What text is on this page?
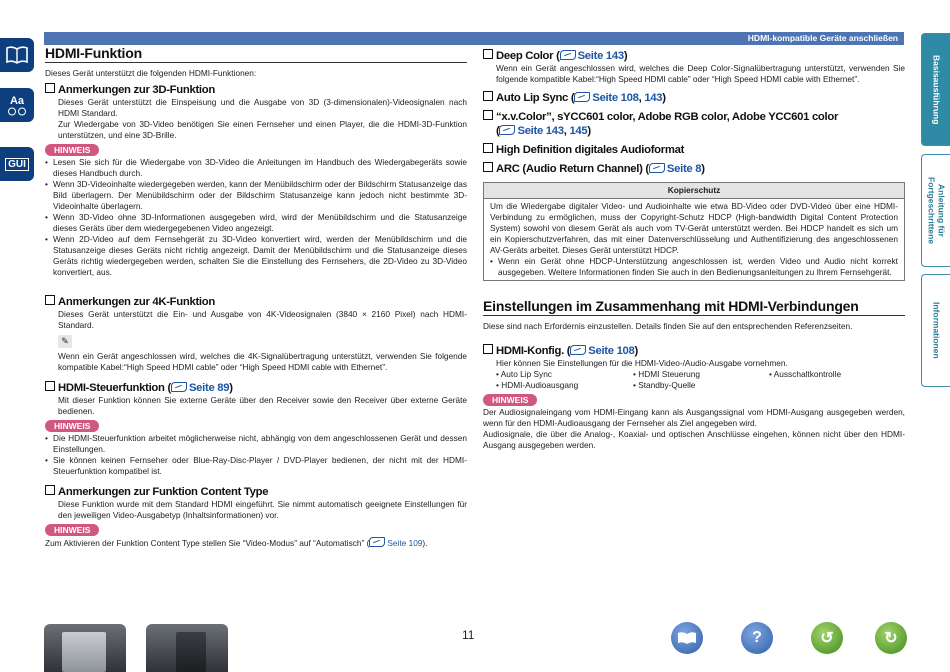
HDMI-kompatible Geräte anschließen
Aa
GUI
Basisausführung
Anleitung für Fortgeschrittene
Informationen
HDMI-Funktion
Dieses Gerät unterstützt die folgenden HDMI-Funktionen:
Anmerkungen zur 3D-Funktion
Dieses Gerät unterstützt die Einspeisung und die Ausgabe von 3D (3-dimensionalen)-Videosignalen nach HDMI Standard.
Zur Wiedergabe von 3D-Video benötigen Sie einen Fernseher und einen Player, die die HDMI-3D-Funktion unterstützen, und eine 3D-Brille.
HINWEIS
• Lesen Sie sich für die Wiedergabe von 3D-Video die Anleitungen im Handbuch des Wiedergabegeräts sowie dieses Handbuch durch.
• Wenn 3D-Videoinhalte wiedergegeben werden, kann der Menübildschirm oder der Bildschirm Statusanzeige das Bild überlagern. Der Menübildschirm oder der Bildschirm Statusanzeige kann jedoch nicht bestimmte 3D-Videoinhalte überlagern.
• Wenn 3D-Video ohne 3D-Informationen ausgegeben wird, wird der Menübildschirm und die Statusanzeige dieses Geräts über dem wiedergegebenen Video angezeigt.
• Wenn 2D-Video auf dem Fernsehgerät zu 3D-Video konvertiert wird, werden der Menübildschirm und die Statusanzeige dieses Geräts nicht richtig angezeigt. Damit der Menübildschirm und die Statusanzeige dieses Geräts richtig wiedergegeben werden, schalten Sie die Einstellung des Fernsehers, die 2D-Video zu 3D-Video konvertiert, aus.
Anmerkungen zur 4K-Funktion
Dieses Gerät unterstützt die Ein- und Ausgabe von 4K-Videosignalen (3840 × 2160 Pixel) nach HDMI-Standard.
✎
Wenn ein Gerät angeschlossen wird, welches die 4K-Signalübertragung unterstützt, verwenden Sie folgende kompatible Kabel:“High Speed HDMI cable” oder “High Speed HDMI cable with Ethernet”.
HDMI-Steuerfunktion ( Seite 89)
Mit dieser Funktion können Sie externe Geräte über den Receiver sowie den Receiver über externe Geräte bedienen.
HINWEIS
• Die HDMI-Steuerfunktion arbeitet möglicherweise nicht, abhängig von dem angeschlossenen Gerät und dessen Einstellungen.
• Sie können keinen Fernseher oder Blue-Ray-Disc-Player / DVD-Player bedienen, der nicht mit der HDMI-Steuerfunktion kompatibel ist.
Anmerkungen zur Funktion Content Type
Diese Funktion wurde mit dem Standard HDMI eingeführt. Sie nimmt automatisch geeignete Einstellungen für den jeweiligen Video-Ausgabetyp (Inhaltsinformationen) vor.
HINWEIS
Zum Aktivieren der Funktion Content Type stellen Sie “Video-Modus” auf “Automatisch” ( Seite 109).
Deep Color ( Seite 143)
Wenn ein Gerät angeschlossen wird, welches die Deep Color-Signalübertragung unterstützt, verwenden Sie folgende kompatible Kabel:“High Speed HDMI cable” oder “High Speed HDMI cable with Ethernet”.
Auto Lip Sync ( Seite 108, 143)
“x.v.Color”, sYCC601 color, Adobe RGB color, Adobe YCC601 color
( Seite 143, 145)
High Definition digitales Audioformat
ARC (Audio Return Channel) ( Seite 8)
Kopierschutz
Um die Wiedergabe digitaler Video- und Audioinhalte wie etwa BD-Video oder DVD-Video über eine HDMI-Verbindung zu ermöglichen, muss der Copyright-Schutz HDCP (High-bandwidth Digital Content Protection System) sowohl von diesem Gerät als auch vom TV-Gerät unterstützt werden. Bei HDCP handelt es sich um ein Kopierschutzverfahren, das mit einer Datenverschlüsselung und Authentifizierung des angeschlossenen AV-Geräts arbeitet. Dieses Gerät unterstützt HDCP.
• Wenn ein Gerät ohne HDCP-Unterstützung angeschlossen ist, werden Video und Audio nicht korrekt ausgegeben. Weitere Informationen finden Sie auch in den Bedienungsanleitungen zu Ihrem Fernsehgerät.
Einstellungen im Zusammenhang mit HDMI-Verbindungen
Diese sind nach Erfordernis einzustellen. Details finden Sie auf den entsprechenden Referenzseiten.
HDMI-Konfig. ( Seite 108)
Hier können Sie Einstellungen für die HDMI-Video-/Audio-Ausgabe vornehmen.
• Auto Lip Sync	• HDMI Steuerung	• Ausschaltkontrolle
• HDMI-Audioausgang	• Standby-Quelle
HINWEIS
Der Audiosignaleingang vom HDMI-Eingang kann als Ausgangssignal vom HDMI-Ausgang ausgegeben werden, wenn für den HDMI-Audioausgang der Fernseher als Ziel angegeben wird.
Audiosignale, die über die Analog-, Koaxial- und optischen Anschlüsse eingehen, können nicht über den HDMI-Ausgang ausgegeben werden.
11	?	↺	↻
